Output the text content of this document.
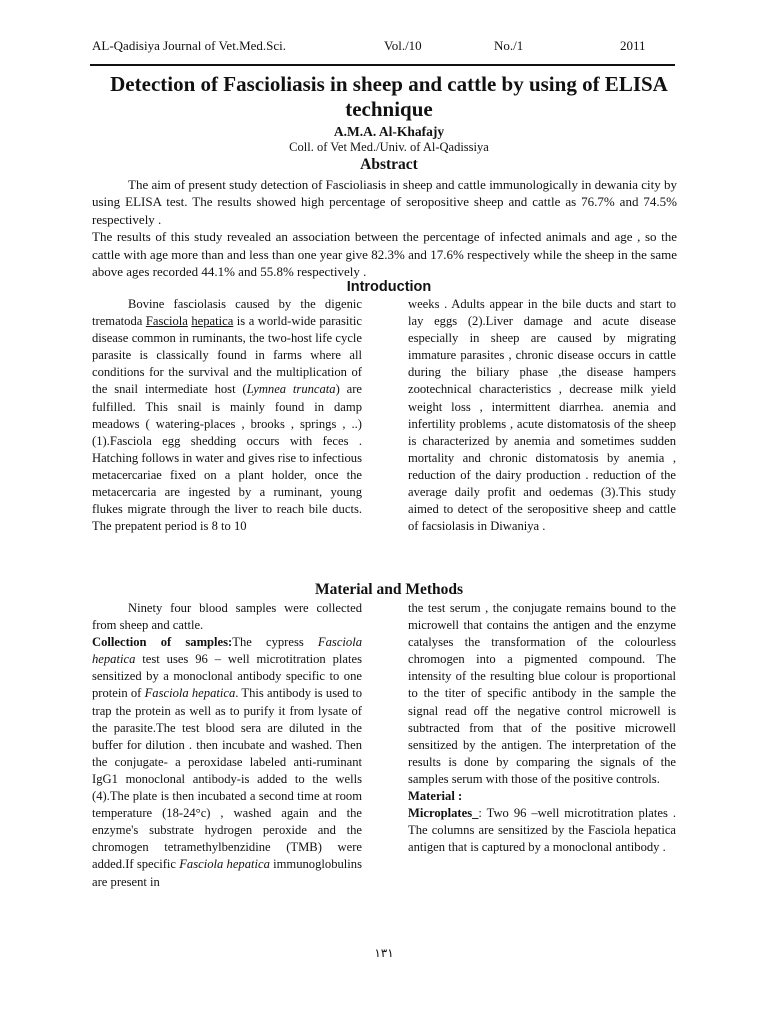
AL-Qadisiya Journal of Vet.Med.Sci.	Vol./10	No./1	2011
Detection of Fascioliasis in sheep and cattle by using of ELISA technique
A.M.A. Al-Khafajy
Coll. of Vet Med./Univ. of Al-Qadissiya
Abstract

The aim of present study detection of Fascioliasis in sheep and cattle immunologically in dewania city by using ELISA test. The results showed high percentage of seropositive sheep and cattle as 76.7% and 74.5% respectively .

The results of this study revealed an association between the percentage of infected animals and age , so the cattle with age more than and less than one year give 82.3% and 17.6% respectively while the sheep in the same above ages recorded 44.1% and 55.8% respectively .

Introduction

Bovine fasciolasis caused by the digenic trematoda Fasciola hepatica is a world-wide parasitic disease common in ruminants, the two-host life cycle parasite is classically found in farms where all conditions for the survival and the multiplication of the snail intermediate host (Lymnea truncata) are fulfilled. This snail is mainly found in damp meadows ( watering-places , brooks , springs , ..) (1).Fasciola egg shedding occurs with feces . Hatching follows in water and gives rise to infectious metacercariae fixed on a plant holder, once the metacercaria are ingested by a ruminant, young flukes migrate through the liver to reach bile ducts. The prepatent period is 8 to 10

weeks . Adults appear in the bile ducts and start to lay eggs (2).Liver damage and acute disease especially in sheep are caused by migrating immature parasites , chronic disease occurs in cattle during the biliary phase ,the disease hampers zootechnical characteristics , decrease milk yield weight loss , intermittent diarrhea. anemia and infertility problems , acute distomatosis of the sheep is characterized by anemia and sometimes sudden mortality and chronic distomatosis by anemia , reduction of the dairy production . reduction of the average daily profit and oedemas (3).This study aimed to detect of the seropositive sheep and cattle of facsiolasis in Diwaniya .

Material and Methods

Ninety four blood samples were collected from sheep and cattle.

Collection of samples:The cypress Fasciola hepatica test uses 96 – well microtitration plates sensitized by a monoclonal antibody specific to one protein of Fasciola hepatica. This antibody is used to trap the protein as well as to purify it from lysate of the parasite.The test blood sera are diluted in the buffer for dilution . then incubate and washed. Then the conjugate- a peroxidase labeled anti-ruminant IgG1 monoclonal antibody-is added to the wells (4).The plate is then incubated a second time at room temperature (18-24°c) , washed again and the enzyme's substrate hydrogen peroxide and the chromogen tetramethylbenzidine (TMB) were added.If specific Fasciola hepatica immunoglobulins are present in

the test serum , the conjugate remains bound to the microwell that contains the antigen and the enzyme catalyses the transformation of the colourless chromogen into a pigmented compound. The intensity of the resulting blue colour is proportional to the titer of specific antibody in the sample the signal read off the negative control microwell is subtracted from that of the positive microwell sensitized by the antigen. The interpretation of the results is done by comparing the signals of the samples serum with those of the positive controls.

Material :

Microplates_: Two 96 –well microtitration plates . The columns are sensitized by the Fasciola hepatica antigen that is captured by a monoclonal antibody .

١٣١
